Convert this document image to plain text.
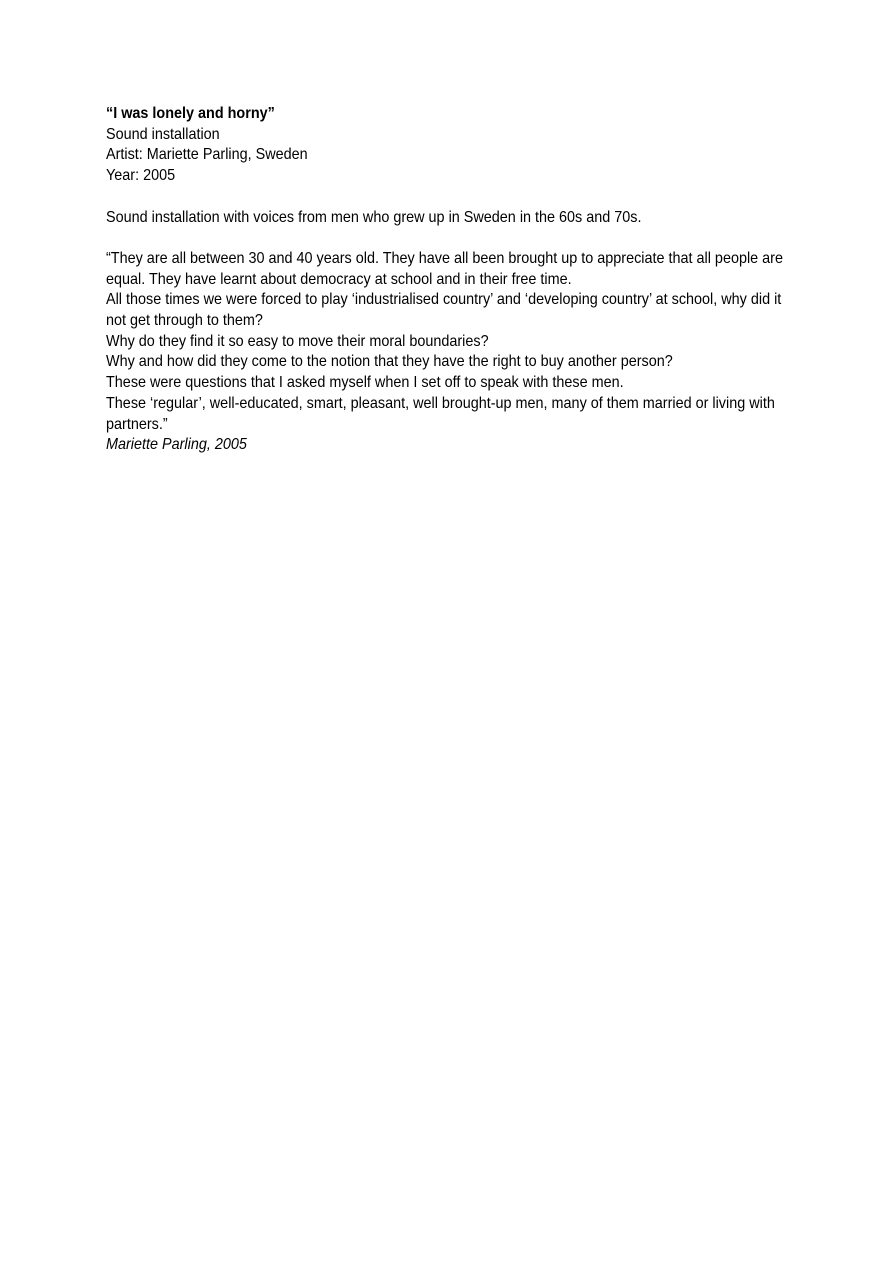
“I was lonely and horny”
Sound installation
Artist: Mariette Parling, Sweden
Year: 2005
Sound installation with voices from men who grew up in Sweden in the 60s and 70s.
“They are all between 30 and 40 years old. They have all been brought up to appreciate that all people are equal. They have learnt about democracy at school and in their free time.
All those times we were forced to play ‘industrialised country’ and ‘developing country’ at school, why did it not get through to them?
Why do they find it so easy to move their moral boundaries?
Why and how did they come to the notion that they have the right to buy another person?
These were questions that I asked myself when I set off to speak with these men.
These ‘regular’, well-educated, smart, pleasant, well brought-up men, many of them married or living with partners.”
Mariette Parling, 2005
